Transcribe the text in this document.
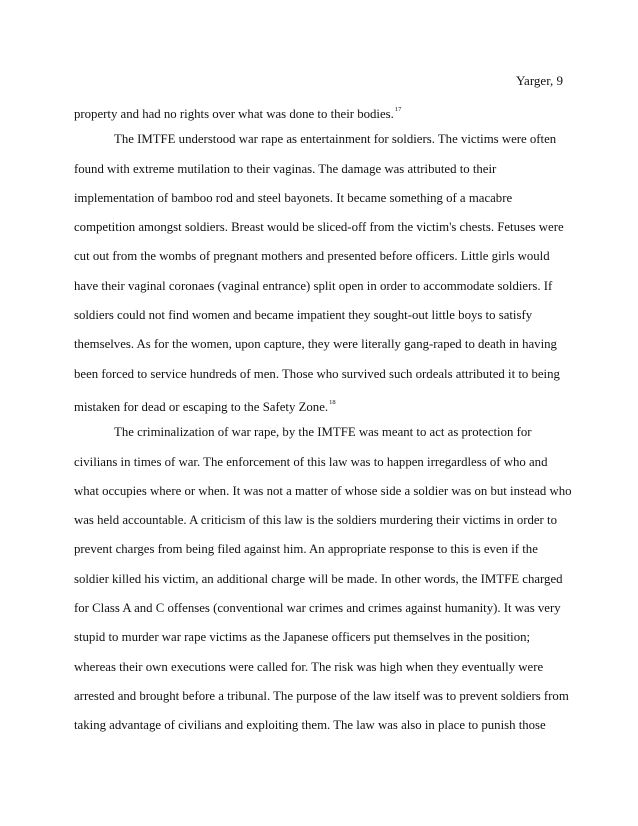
Yarger, 9
property and had no rights over what was done to their bodies.$^{17}$
The IMTFE understood war rape as entertainment for soldiers. The victims were often
found with extreme mutilation to their vaginas. The damage was attributed to their
implementation of bamboo rod and steel bayonets. It became something of a macabre
competition amongst soldiers. Breast would be sliced-off from the victim's chests. Fetuses were
cut out from the wombs of pregnant mothers and presented before officers. Little girls would
have their vaginal coronaes (vaginal entrance) split open in order to accommodate soldiers. If
soldiers could not find women and became impatient they sought-out little boys to satisfy
themselves. As for the women, upon capture, they were literally gang-raped to death in having
been forced to service hundreds of men. Those who survived such ordeals attributed it to being
mistaken for dead or escaping to the Safety Zone.$^{18}$
The criminalization of war rape, by the IMTFE was meant to act as protection for
civilians in times of war. The enforcement of this law was to happen irregardless of who and
what occupies where or when. It was not a matter of whose side a soldier was on but instead who
was held accountable. A criticism of this law is the soldiers murdering their victims in order to
prevent charges from being filed against him. An appropriate response to this is even if the
soldier killed his victim, an additional charge will be made. In other words, the IMTFE charged
for Class A and C offenses (conventional war crimes and crimes against humanity). It was very
stupid to murder war rape victims as the Japanese officers put themselves in the position;
whereas their own executions were called for. The risk was high when they eventually were
arrested and brought before a tribunal. The purpose of the law itself was to prevent soldiers from
taking advantage of civilians and exploiting them. The law was also in place to punish those
